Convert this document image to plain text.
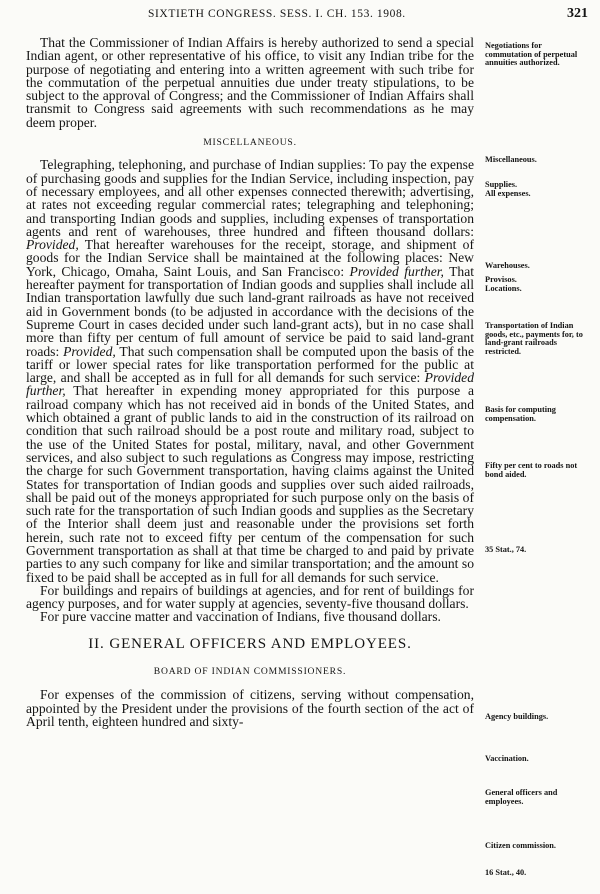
SIXTIETH CONGRESS. SESS. I. CH. 153. 1908.	321

That the Commissioner of Indian Affairs is hereby authorized to send a special Indian agent, or other representative of his office, to visit any Indian tribe for the purpose of negotiating and entering into a written agreement with such tribe for the commutation of the perpetual annuities due under treaty stipulations, to be subject to the approval of Congress; and the Commissioner of Indian Affairs shall transmit to Congress said agreements with such recommendations as he may deem proper.

MISCELLANEOUS.

Telegraphing, telephoning, and purchase of Indian supplies: To pay the expense of purchasing goods and supplies for the Indian Service, including inspection, pay of necessary employees, and all other expenses connected therewith; advertising, at rates not exceeding regular commercial rates; telegraphing and telephoning; and transporting Indian goods and supplies, including expenses of transportation agents and rent of warehouses, three hundred and fifteen thousand dollars: Provided, That hereafter warehouses for the receipt, storage, and shipment of goods for the Indian Service shall be maintained at the following places: New York, Chicago, Omaha, Saint Louis, and San Francisco: Provided further, That hereafter payment for transportation of Indian goods and supplies shall include all Indian transportation lawfully due such land-grant railroads as have not received aid in Government bonds (to be adjusted in accordance with the decisions of the Supreme Court in cases decided under such land-grant acts), but in no case shall more than fifty per centum of full amount of service be paid to said land-grant roads: Provided, That such compensation shall be computed upon the basis of the tariff or lower special rates for like transportation performed for the public at large, and shall be accepted as in full for all demands for such service: Provided further, That hereafter in expending money appropriated for this purpose a railroad company which has not received aid in bonds of the United States, and which obtained a grant of public lands to aid in the construction of its railroad on condition that such railroad should be a post route and military road, subject to the use of the United States for postal, military, naval, and other Government services, and also subject to such regulations as Congress may impose, restricting the charge for such Government transportation, having claims against the United States for transportation of Indian goods and supplies over such aided railroads, shall be paid out of the moneys appropriated for such purpose only on the basis of such rate for the transportation of such Indian goods and supplies as the Secretary of the Interior shall deem just and reasonable under the provisions set forth herein, such rate not to exceed fifty per centum of the compensation for such Government transportation as shall at that time be charged to and paid by private parties to any such company for like and similar transportation; and the amount so fixed to be paid shall be accepted as in full for all demands for such service.

For buildings and repairs of buildings at agencies, and for rent of buildings for agency purposes, and for water supply at agencies, seventy-five thousand dollars.

For pure vaccine matter and vaccination of Indians, five thousand dollars.

II. GENERAL OFFICERS AND EMPLOYEES.
BOARD OF INDIAN COMMISSIONERS.

For expenses of the commission of citizens, serving without compensation, appointed by the President under the provisions of the fourth section of the act of April tenth, eighteen hundred and sixty-

Negotiations for commutation of perpetual annuities authorized.
Miscellaneous.
Supplies.
All expenses.
Warehouses.
Provisos.
Locations.
Transportation of Indian goods, etc., payments for, to land-grant railroads restricted.
Basis for computing compensation.
Fifty per cent to roads not bond aided.
35 Stat., 74.
Agency buildings.
Vaccination.
General officers and employees.
Citizen commission.
16 Stat., 40.
